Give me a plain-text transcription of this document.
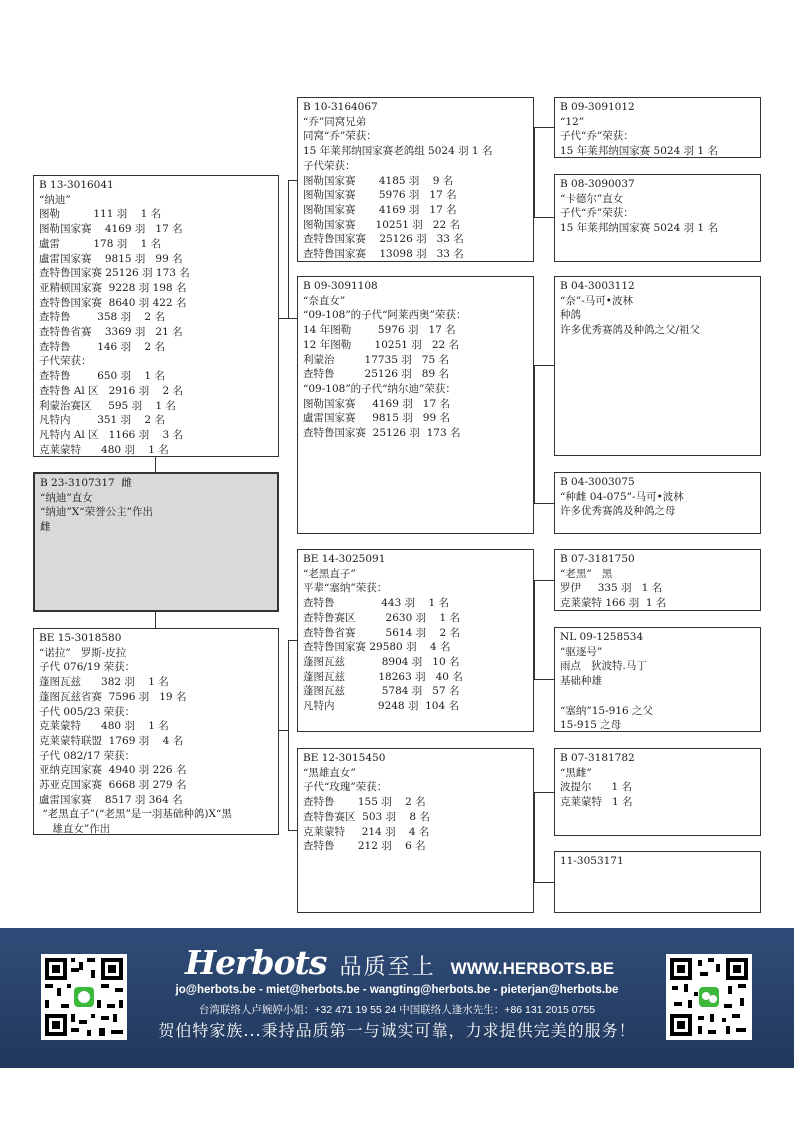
B 13-3016041
“纳迪”
图勒          111 羽    1 名
图勒国家赛    4169 羽   17 名
盧雷          178 羽    1 名
盧雷国家赛    9815 羽   99 名
查特鲁国家赛 25126 羽 173 名
亚精顿国家赛  9228 羽 198 名
查特鲁国家赛  8640 羽 422 名
查特鲁        358 羽    2 名
查特鲁省赛    3369 羽   21 名
查特鲁        146 羽    2 名
子代荣获：
查特鲁        650 羽    1 名
查特鲁 Al 区   2916 羽    2 名
利蒙治赛区     595 羽    1 名
凡特内        351 羽    2 名
凡特内 Al 区   1166 羽    3 名
克莱蒙特      480 羽    1 名
B 23-3107317  雌
“纳迪”直女
“纳迪”X“荣誉公主”作出
雌
BE 15-3018580
“诺拉”   罗斯-皮拉
子代 076/19 荣获：
蓬图瓦兹      382 羽    1 名
蓬图瓦兹省赛  7596 羽   19 名
子代 005/23 荣获：
克莱蒙特      480 羽    1 名
克莱蒙特联盟  1769 羽    4 名
子代 082/17 荣获：
亚纳克国家赛  4940 羽 226 名
苏亚克国家赛  6668 羽 279 名
盧雷国家赛    8517 羽 364 名
“老黑直子”(“老黑”是一羽基础种鸽)X“黑
雄直女”作出
B 10-3164067
“乔”同窝兄弟
同窝“乔”荣获：
15 年莱邦纳国家赛老鸽组 5024 羽 1 名
子代荣获：
图勒国家赛       4185 羽    9 名
图勒国家赛       5976 羽   17 名
图勒国家赛       4169 羽   17 名
图勒国家赛      10251 羽   22 名
查特鲁国家赛    25126 羽   33 名
查特鲁国家赛    13098 羽   33 名
B 09-3091108
“奈直女”
“09-108”的子代“阿莱西奥”荣获：
14 年图勒        5976 羽   17 名
12 年图勒       10251 羽   22 名
利蒙治         17735 羽   75 名
查特鲁         25126 羽   89 名
“09-108”的子代“纳尔迪”荣获：
图勒国家赛     4169 羽   17 名
盧雷国家赛     9815 羽   99 名
查特鲁国家赛  25126 羽  173 名
BE 14-3025091
“老黑直子”
平辈“塞纳”荣获：
查特鲁              443 羽    1 名
查特鲁赛区         2630 羽    1 名
查特鲁省赛         5614 羽    2 名
查特鲁国家赛 29580 羽    4 名
蓬图瓦兹           8904 羽   10 名
蓬图瓦兹          18263 羽   40 名
蓬图瓦兹           5784 羽   57 名
凡特内             9248 羽  104 名
BE 12-3015450
“黑雄直女”
子代“玫瑰”荣获：
查特鲁       155 羽    2 名
查特鲁赛区  503 羽    8 名
克莱蒙特     214 羽    4 名
查特鲁       212 羽    6 名
B 09-3091012
“12”
子代“乔”荣获：
15 年莱邦纳国家赛 5024 羽 1 名
B 08-3090037
“卡德尔”直女
子代“乔”荣获：
15 年莱邦纳国家赛 5024 羽 1 名
B 04-3003112
“奈”-马可•波林
种鸽
许多优秀赛鸽及种鸽之父/祖父
B 04-3003075
“种雌 04-075”-马可•波林
许多优秀赛鸽及种鸽之母
B 07-3181750
“老黑”   黑
罗伊     335 羽   1 名
克莱蒙特 166 羽  1 名
NL 09-1258534
“驱逐号”
雨点   狄波特.马丁
基础种雄

“塞纳”15-916 之父
15-915 之母
B 07-3181782
“黑雌”
波提尔      1 名
克莱蒙特   1 名
11-3053171
Herbots 品质至上 WWW.HERBOTS.BE
jo@herbots.be - miet@herbots.be - wangting@herbots.be - pieterjan@herbots.be
台湾联络人卢婉婷小姐：+32 471 19 55 24 中国联络人逢水先生：+86 131 2015 0755
贺伯特家族...秉持品质第一与诚实可靠，力求提供完美的服务！
